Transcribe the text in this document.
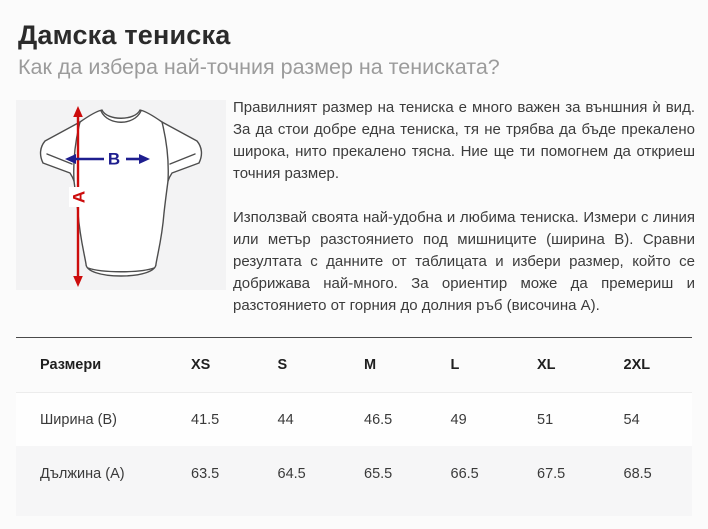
Дамска тениска
Как да избера най-точния размер на тениската?
A
B

Правилният размер на тениска е много важен за външния ѝ вид. За да стои добре една тениска, тя не трябва да бъде прекалено широка, нито прекалено тясна. Ние ще ти помогнем да откриеш точния размер.

Използвай своята най-удобна и любима тениска. Измери с линия или метър разстоянието под мишниците (ширина B). Сравни резултата с данните от таблицата и избери размер, който се добрижава най-много. За ориентир може да премериш и разстоянието от горния до долния ръб (височина A).

Размери	XS	S	M	L	XL	2XL
Ширина (B)	41.5	44	46.5	49	51	54
Дължина (A)	63.5	64.5	65.5	66.5	67.5	68.5
